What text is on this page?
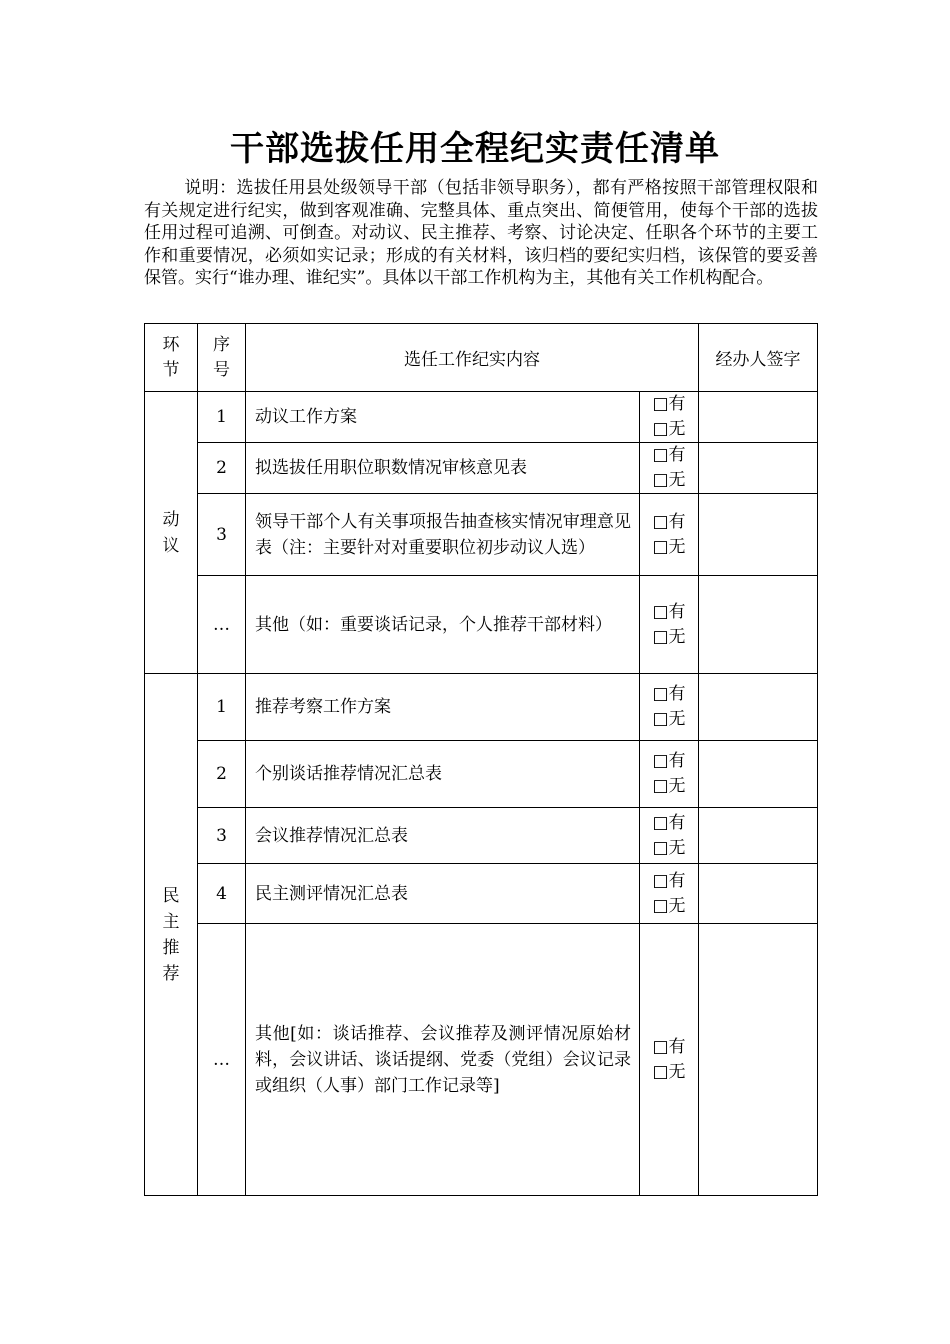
干部选拔任用全程纪实责任清单
说明：选拔任用县处级领导干部（包括非领导职务），都有严格按照干部管理权限和有关规定进行纪实，做到客观准确、完整具体、重点突出、简便管用，使每个干部的选拔任用过程可追溯、可倒查。对动议、民主推荐、考察、讨论决定、任职各个环节的主要工作和重要情况，必须如实记录；形成的有关材料，该归档的要纪实归档，该保管的要妥善保管。实行“谁办理、谁纪实”。具体以干部工作机构为主，其他有关工作机构配合。
环节	序号	选任工作纪实内容		经办人签字
动议	1	动议工作方案	□有
□无	

	2	拟选拔任用职位职数情况审核意见表	□有
□无	

	3	领导干部个人有关事项报告抽查核实情况审理意见表（注：主要针对对重要职位初步动议人选）	□有
□无	

	…	其他（如：重要谈话记录，个人推荐干部材料）	□有
□无	

民主推荐	1	推荐考察工作方案	□有
□无	

	2	个别谈话推荐情况汇总表	□有
□无	

	3	会议推荐情况汇总表	□有
□无	

	4	民主测评情况汇总表	□有
□无	

	…	其他[如：谈话推荐、会议推荐及测评情况原始材料，会议讲话、谈话提纲、党委（党组）会议记录或组织（人事）部门工作记录等]	□有
□无	
